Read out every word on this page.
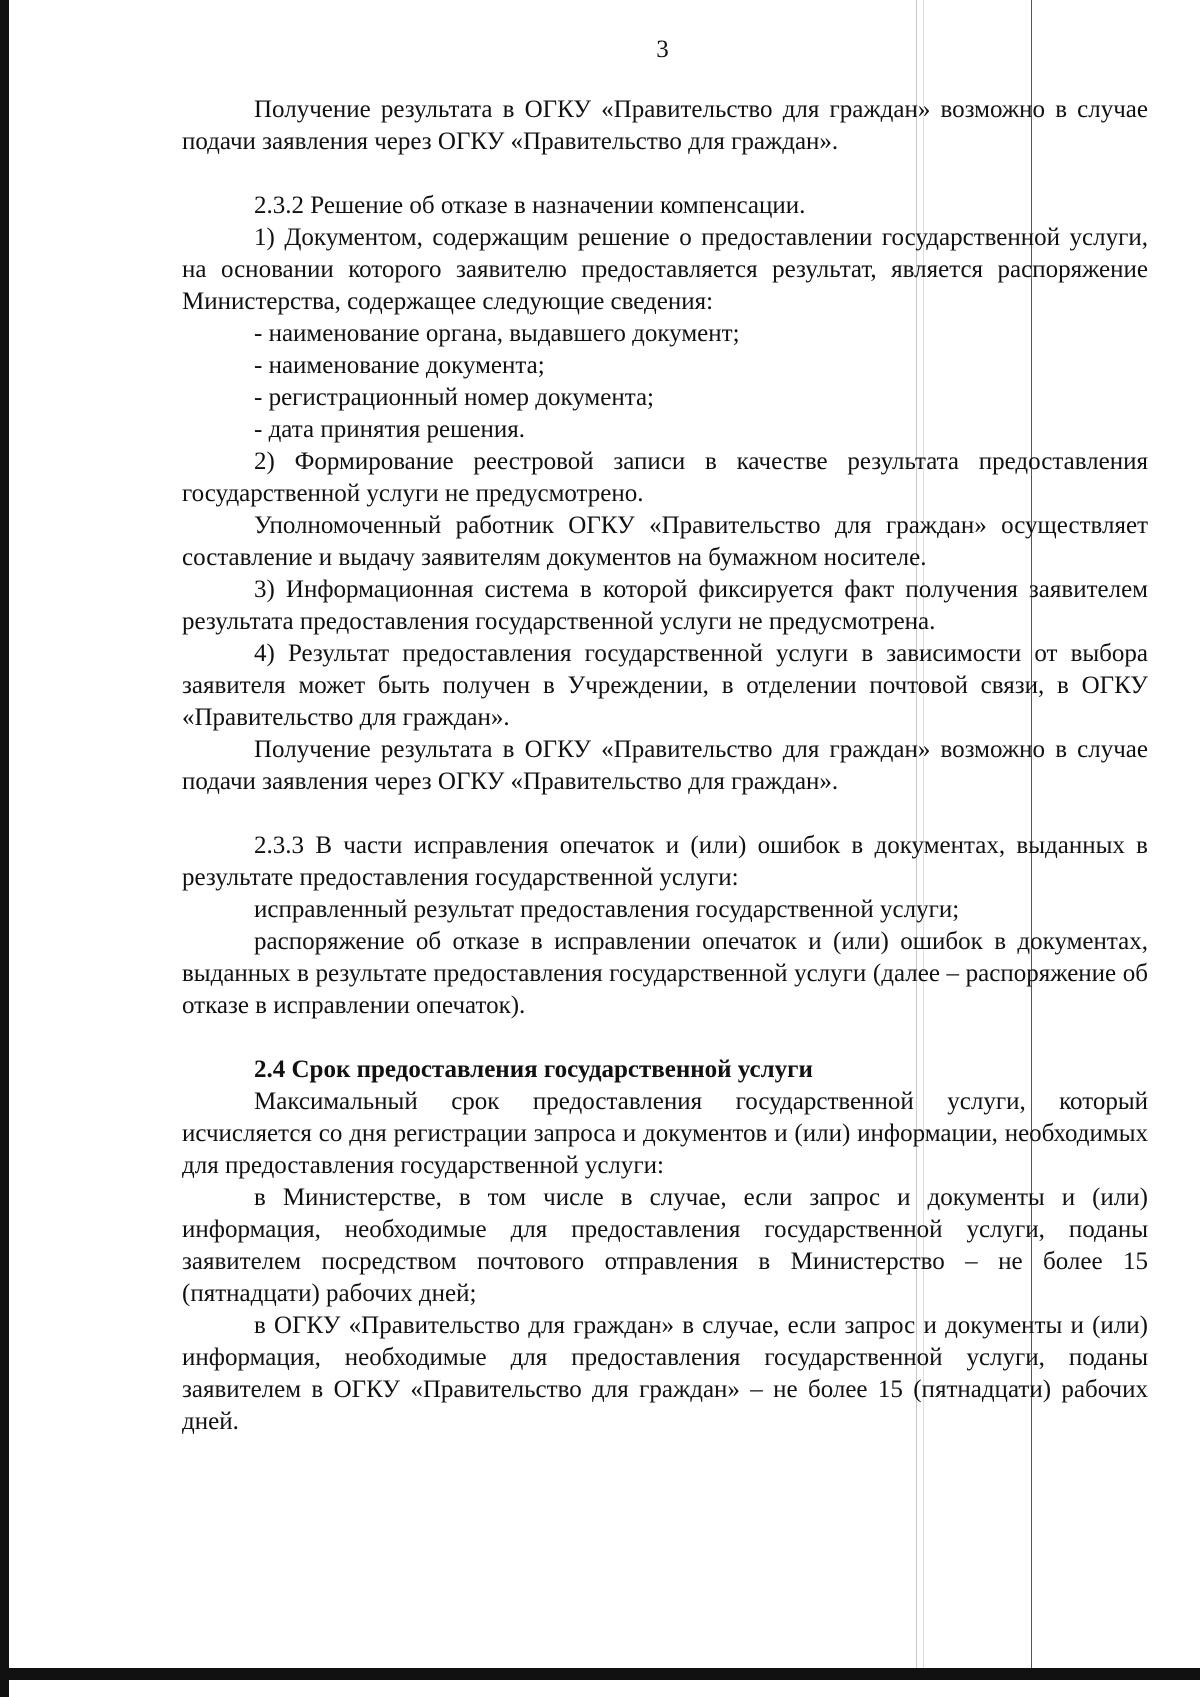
3

Получение результата в ОГКУ «Правительство для граждан» возможно в случае подачи заявления через ОГКУ «Правительство для граждан».

2.3.2 Решение об отказе в назначении компенсации.

1) Документом, содержащим решение о предоставлении государственной услуги, на основании которого заявителю предоставляется результат, является распоряжение Министерства, содержащее следующие сведения:

- наименование органа, выдавшего документ;

- наименование документа;

- регистрационный номер документа;

- дата принятия решения.

2) Формирование реестровой записи в качестве результата предоставления государственной услуги не предусмотрено.

Уполномоченный работник ОГКУ «Правительство для граждан» осуществляет составление и выдачу заявителям документов на бумажном носителе.

3) Информационная система в которой фиксируется факт получения заявителем результата предоставления государственной услуги не предусмотрена.

4) Результат предоставления государственной услуги в зависимости от выбора заявителя может быть получен в Учреждении, в отделении почтовой связи, в ОГКУ «Правительство для граждан».

Получение результата в ОГКУ «Правительство для граждан» возможно в случае подачи заявления через ОГКУ «Правительство для граждан».

2.3.3 В части исправления опечаток и (или) ошибок в документах, выданных в результате предоставления государственной услуги:

исправленный результат предоставления государственной услуги;

распоряжение об отказе в исправлении опечаток и (или) ошибок в документах, выданных в результате предоставления государственной услуги (далее – распоряжение об отказе в исправлении опечаток).

2.4 Срок предоставления государственной услуги

Максимальный срок предоставления государственной услуги, который исчисляется со дня регистрации запроса и документов и (или) информации, необходимых для предоставления государственной услуги:

в Министерстве, в том числе в случае, если запрос и документы и (или) информация, необходимые для предоставления государственной услуги, поданы заявителем посредством почтового отправления в Министерство – не более 15 (пятнадцати) рабочих дней;

в ОГКУ «Правительство для граждан» в случае, если запрос и документы и (или) информация, необходимые для предоставления государственной услуги, поданы заявителем в ОГКУ «Правительство для граждан» – не более 15 (пятнадцати) рабочих дней.
